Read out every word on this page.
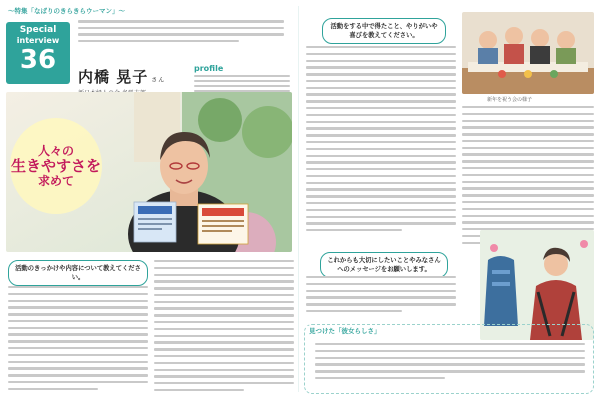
～特集「なばりのきらきらウーマン」～
Special
interview
36
内橋 晃子 さん
profile
人々の
生きやすさを
求めて
活動のきっかけや内容について教えてください。
活動をする中で得たこと、やりがいや喜びを教えてください。
新年を祝う会の様子
これからも大切にしたいことやみなさんへのメッセージをお願いします。
見つけた「彼女らしさ」
